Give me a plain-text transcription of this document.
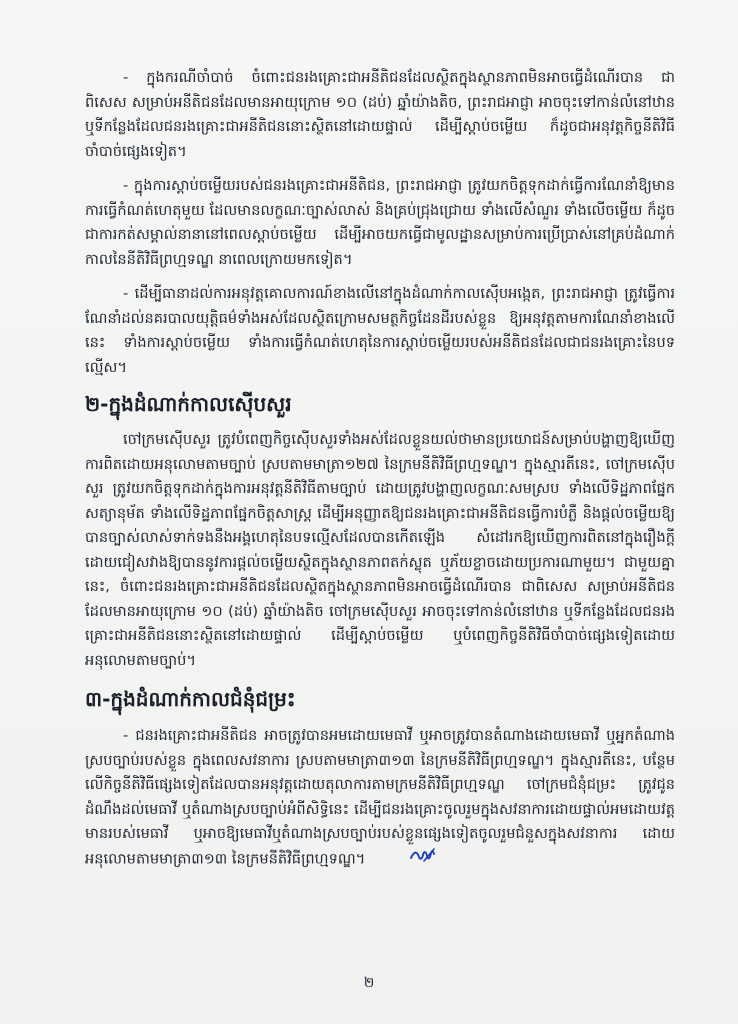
- ក្នុងករណីចាំបាច់ ចំពោះជនរងគ្រោះជាអនីតិជនដែលស្ថិតក្នុងស្ថានភាពមិនអាចធ្វើដំណើរបាន ជាពិសេស សម្រាប់អនីតិជនដែលមានអាយុក្រោម ១០ (ដប់) ឆ្នាំយ៉ាងតិច, ព្រះរាជអាជ្ញា អាចចុះទៅកាន់លំនៅឋាន ឬទីកន្លែងដែលជនរងគ្រោះជាអនីតិជននោះស្ថិតនៅដោយផ្ទាល់ ដើម្បីស្ដាប់ចម្លើយ ក៏ដូចជាអនុវត្តកិច្ចនីតិវិធីចាំបាច់ផ្សេងទៀត។

- ក្នុងការស្ដាប់ចម្លើយរបស់ជនរងគ្រោះជាអនីតិជន, ព្រះរាជអាជ្ញា ត្រូវយកចិត្តទុកដាក់ធ្វើការណែនាំឱ្យមានការធ្វើកំណត់ហេតុមួយ ដែលមានលក្ខណៈច្បាស់លាស់ និងគ្រប់ជ្រុងជ្រោយ ទាំងលើសំណួរ ទាំងលើចម្លើយ ក៏ដូចជាការកត់សម្គាល់នានានៅពេលស្ដាប់ចម្លើយ ដើម្បីអាចយកធ្វើជាមូលដ្ឋានសម្រាប់ការប្រើប្រាស់នៅគ្រប់ដំណាក់កាលនៃនីតិវិធីព្រហ្មទណ្ឌ នាពេលក្រោយមកទៀត។

- ដើម្បីធានាដល់ការអនុវត្តគោលការណ៍ខាងលើនៅក្នុងដំណាក់កាលស៊ើបអង្កេត, ព្រះរាជអាជ្ញា ត្រូវធ្វើការណែនាំដល់នគរបាលយុត្តិធម៌ទាំងអស់ដែលស្ថិតក្រោមសមត្ថកិច្ចដែនដីរបស់ខ្លួន ឱ្យអនុវត្តតាមការណែនាំខាងលើនេះ ទាំងការស្ដាប់ចម្លើយ ទាំងការធ្វើកំណត់ហេតុនៃការស្ដាប់ចម្លើយរបស់អនីតិជនដែលជាជនរងគ្រោះនៃបទល្មើស។

២-ក្នុងដំណាក់កាលស៊ើបសួរ

ចៅក្រមស៊ើបសួរ ត្រូវបំពេញកិច្ចស៊ើបសួរទាំងអស់ដែលខ្លួនយល់ថាមានប្រយោជន៍សម្រាប់បង្ហាញឱ្យឃើញការពិតដោយអនុលោមតាមច្បាប់ ស្របតាមមាត្រា១២៧ នៃក្រមនីតិវិធីព្រហ្មទណ្ឌ។ ក្នុងស្មារតីនេះ, ចៅក្រមស៊ើបសួរ ត្រូវយកចិត្តទុកដាក់ក្នុងការអនុវត្តនីតិវិធីតាមច្បាប់ ដោយត្រូវបង្ហាញលក្ខណៈសមស្រប ទាំងលើទិដ្ឋភាពផ្នែកសត្យានុម័ត ទាំងលើទិដ្ឋភាពផ្នែកចិត្តសាស្ត្រ ដើម្បីអនុញ្ញាតឱ្យជនរងគ្រោះជាអនីតិជនធ្វើការបំភ្លឺ និងផ្ដល់ចម្លើយឱ្យបានច្បាស់លាស់ទាក់ទងនឹងអង្គហេតុនៃបទល្មើសដែលបានកើតឡើង សំដៅរកឱ្យឃើញការពិតនៅក្នុងរឿងក្ដី ដោយជៀសវាងឱ្យបាននូវការផ្ដល់ចម្លើយស្ថិតក្នុងស្ថានភាពតក់ស្លុត ឬភ័យខ្លាចដោយប្រការណាមួយ។ ជាមួយគ្នានេះ, ចំពោះជនរងគ្រោះជាអនីតិជនដែលស្ថិតក្នុងស្ថានភាពមិនអាចធ្វើដំណើរបាន ជាពិសេស សម្រាប់អនីតិជនដែលមានអាយុក្រោម ១០ (ដប់) ឆ្នាំយ៉ាងតិច ចៅក្រមស៊ើបសួរ អាចចុះទៅកាន់លំនៅឋាន ឬទីកន្លែងដែលជនរងគ្រោះជាអនីតិជននោះស្ថិតនៅដោយផ្ទាល់ ដើម្បីស្ដាប់ចម្លើយ ឬបំពេញកិច្ចនីតិវិធីចាំបាច់ផ្សេងទៀតដោយអនុលោមតាមច្បាប់។

៣-ក្នុងដំណាក់កាលជំនុំជម្រះ

- ជនរងគ្រោះជាអនីតិជន អាចត្រូវបានអមដោយមេធាវី ឬអាចត្រូវបានតំណាងដោយមេធាវី ឬអ្នកតំណាងស្របច្បាប់របស់ខ្លួន ក្នុងពេលសវនាការ ស្របតាមមាត្រា៣១៣ នៃក្រមនីតិវិធីព្រហ្មទណ្ឌ។ ក្នុងស្មារតីនេះ, បន្ថែមលើកិច្ចនីតិវិធីផ្សេងទៀតដែលបានអនុវត្តដោយតុលាការតាមក្រមនីតិវិធីព្រហ្មទណ្ឌ ចៅក្រមជំនុំជម្រះ ត្រូវជូនដំណឹងដល់មេធាវី ឬតំណាងស្របច្បាប់អំពីសិទ្ធិនេះ ដើម្បីជនរងគ្រោះចូលរួមក្នុងសវនាការដោយផ្ទាល់អមដោយវត្តមានរបស់មេធាវី ឬអាចឱ្យមេធាវីឬតំណាងស្របច្បាប់របស់ខ្លួនផ្សេងទៀតចូលរួមជំនួសក្នុងសវនាការ ដោយអនុលោមតាមមាត្រា៣១៣ នៃក្រមនីតិវិធីព្រហ្មទណ្ឌ។

២
